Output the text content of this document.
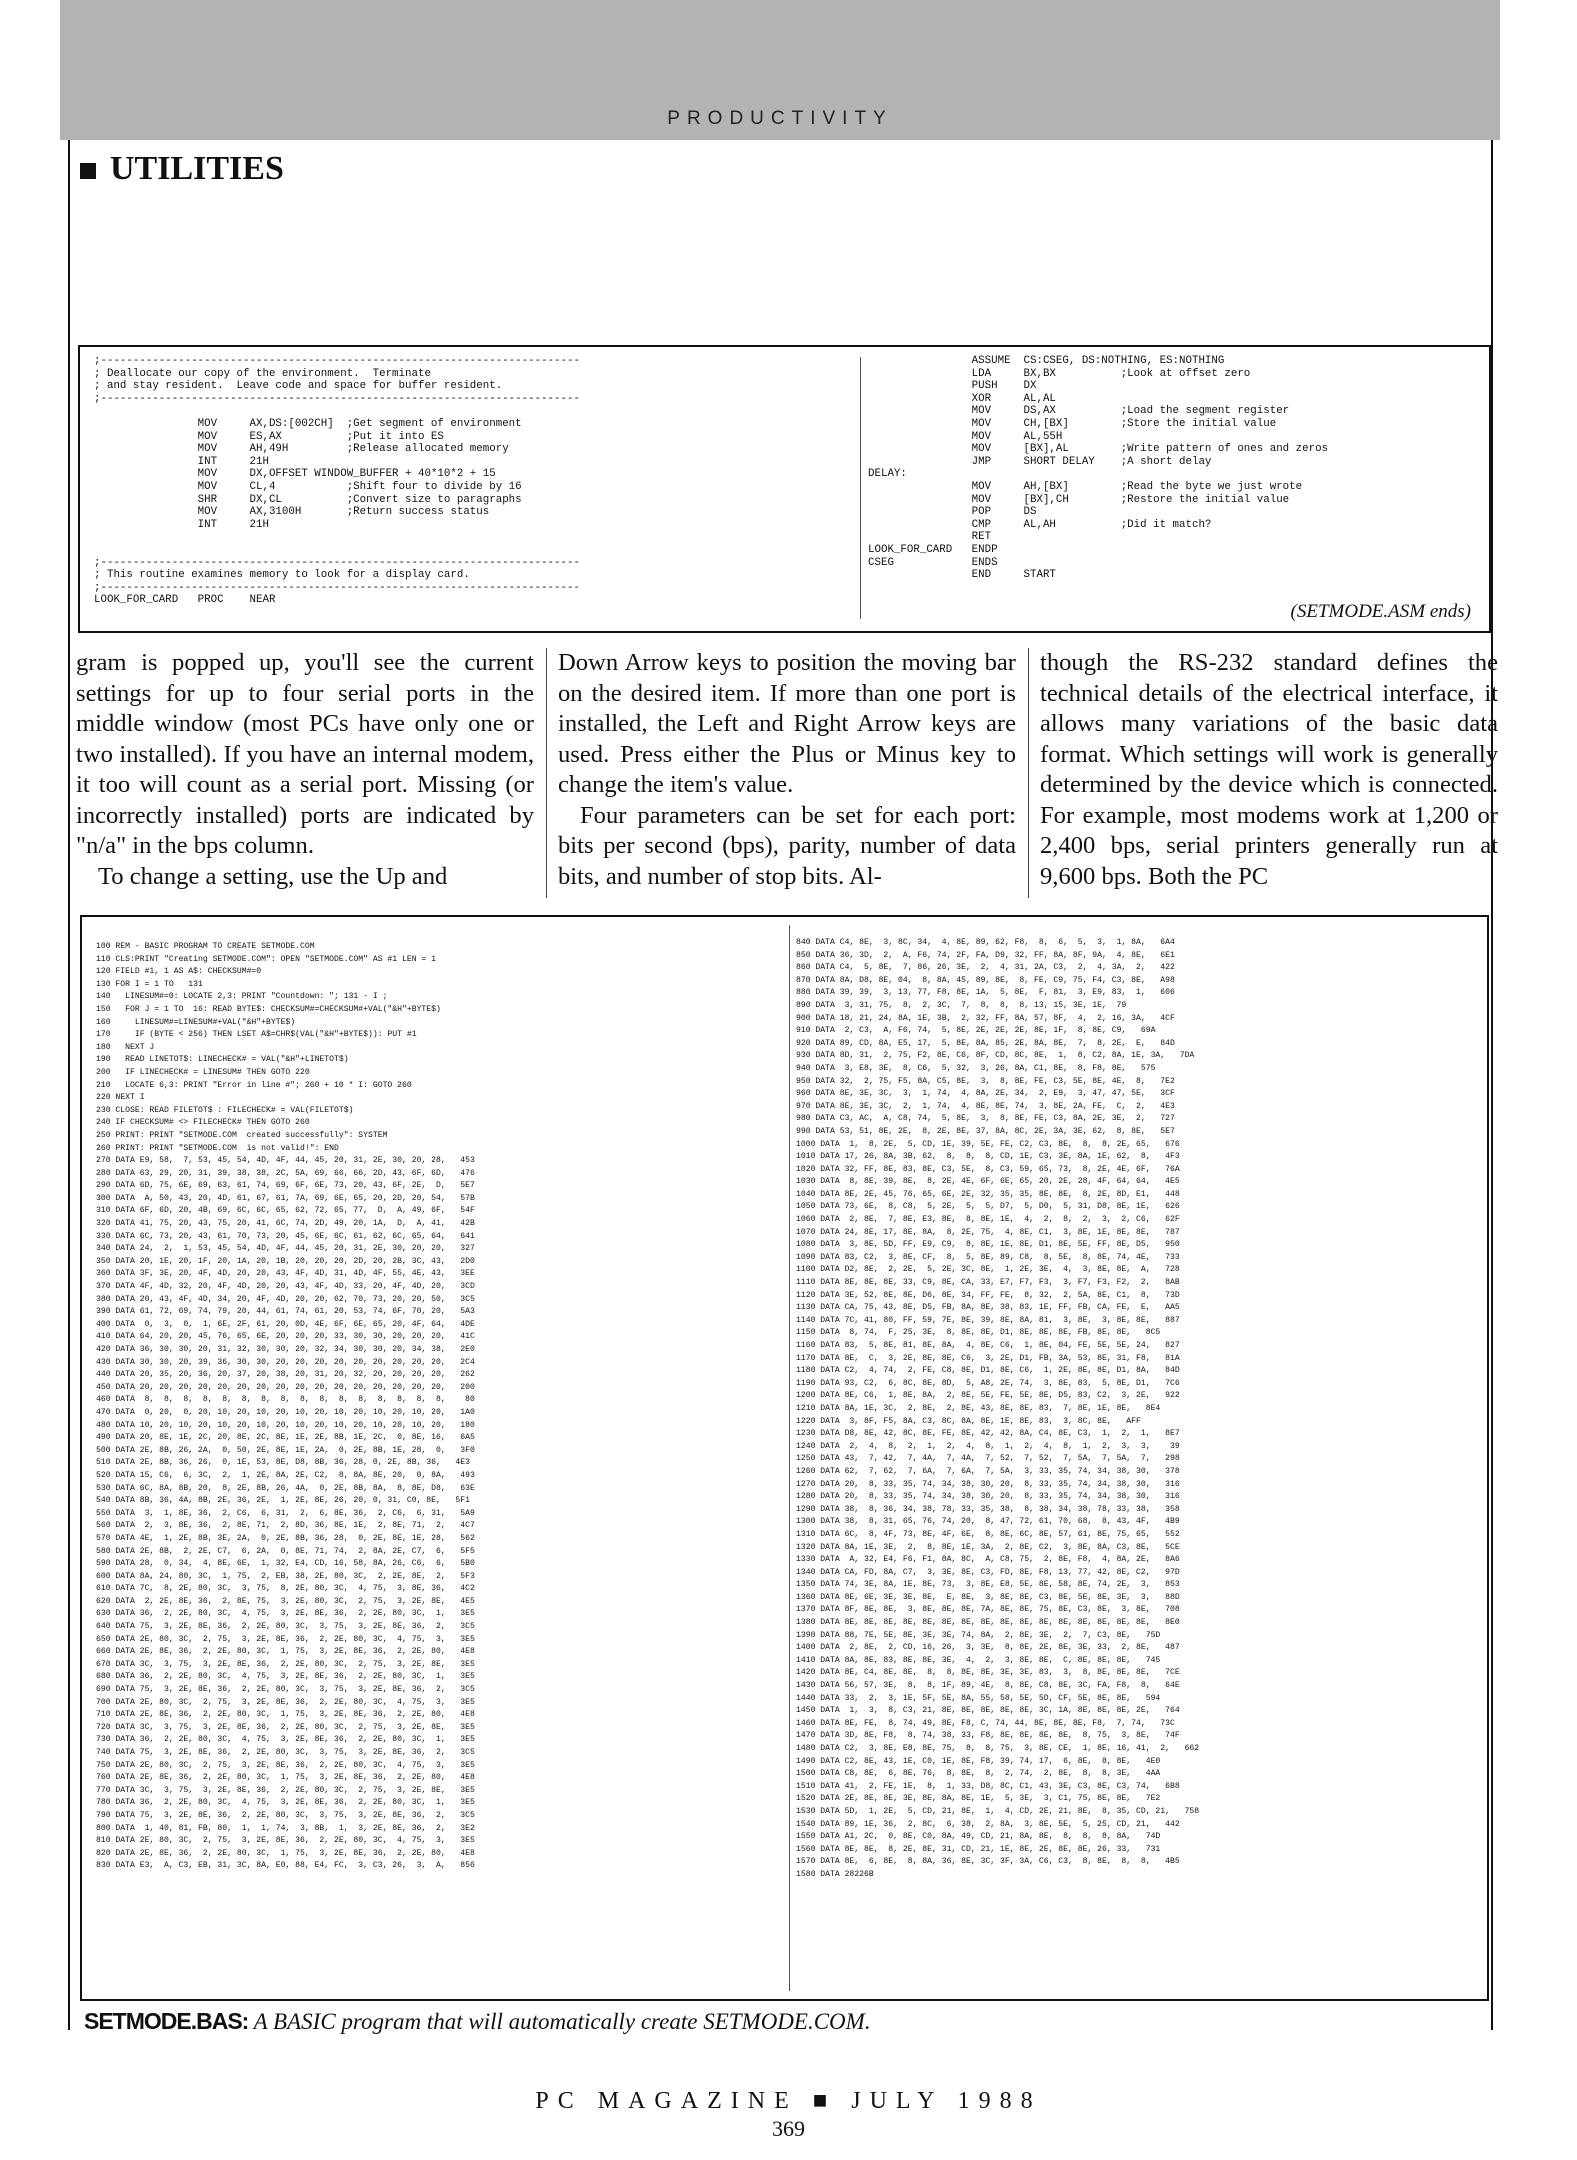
PRODUCTIVITY
UTILITIES
;--------------------------------------------------------------------------
; Deallocate our copy of the environment.  Terminate
; and stay resident.  Leave code and space for buffer resident.
;--------------------------------------------------------------------------

MOV     AX,DS:[002CH]  ;Get segment of environment
MOV     ES,AX          ;Put it into ES
MOV     AH,49H         ;Release allocated memory
INT     21H
MOV     DX,OFFSET WINDOW_BUFFER + 40*10*2 + 15
MOV     CL,4           ;Shift four to divide by 16
SHR     DX,CL          ;Convert size to paragraphs
MOV     AX,3100H       ;Return success status
INT     21H

;--------------------------------------------------------------------------
; This routine examines memory to look for a display card.
;--------------------------------------------------------------------------
LOOK_FOR_CARD   PROC    NEAR
ASSUME  CS:CSEG, DS:NOTHING, ES:NOTHING
LDA     BX,BX          ;Look at offset zero
PUSH    DX
XOR     AL,AL
MOV     DS,AX          ;Load the segment register
MOV     CH,[BX]        ;Store the initial value
MOV     AL,55H
MOV     [BX],AL        ;Write pattern of ones and zeros
JMP     SHORT DELAY    ;A short delay
DELAY:
MOV     AH,[BX]        ;Read the byte we just wrote
MOV     [BX],CH        ;Restore the initial value
POP     DS
CMP     AL,AH          ;Did it match?
RET
LOOK_FOR_CARD   ENDP
CSEG            ENDS
END     START
(SETMODE.ASM ends)

gram is popped up, you'll see the current settings for up to four serial ports in the middle window (most PCs have only one or two installed). If you have an internal modem, it too will count as a serial port. Missing (or incorrectly installed) ports are indicated by "n/a" in the bps column.

To change a setting, use the Up and

Down Arrow keys to position the moving bar on the desired item. If more than one port is installed, the Left and Right Arrow keys are used. Press either the Plus or Minus key to change the item's value.

Four parameters can be set for each port: bits per second (bps), parity, number of data bits, and number of stop bits. Al-

though the RS-232 standard defines the technical details of the electrical interface, it allows many variations of the basic data format. Which settings will work is generally determined by the device which is connected. For example, most modems work at 1,200 or 2,400 bps, serial printers generally run at 9,600 bps. Both the PC

100 REM - BASIC PROGRAM TO CREATE SETMODE.COM
110 CLS:PRINT "Creating SETMODE.COM": OPEN "SETMODE.COM" AS #1 LEN = 1
120 FIELD #1, 1 AS A$: CHECKSUM#=0
130 FOR I = 1 TO   131
140   LINESUM#=0: LOCATE 2,3: PRINT "Countdown: "; 131 - I ;
150   FOR J = 1 TO  16: READ BYTE$: CHECKSUM#=CHECKSUM#+VAL("&H"+BYTE$)
160     LINESUM#=LINESUM#+VAL("&H"+BYTE$)
170     IF (BYTE < 256) THEN LSET A$=CHR$(VAL("&H"+BYTE$)): PUT #1
180   NEXT J
190   READ LINETOT$: LINECHECK# = VAL("&H"+LINETOT$)
200   IF LINECHECK# = LINESUM# THEN GOTO 220
210   LOCATE 6,3: PRINT "Error in line #"; 260 + 10 * I: GOTO 260
220 NEXT I
230 CLOSE: READ FILETOT$ : FILECHECK# = VAL(FILETOT$)
240 IF CHECKSUM# <> FILECHECK# THEN GOTO 260
250 PRINT: PRINT "SETMODE.COM  created successfully": SYSTEM
260 PRINT: PRINT "SETMODE.COM  is not valid!": END
270 DATA E9, 58,  7, 53, 45, 54, 4D, 4F, 44, 45, 20, 31, 2E, 30, 20, 28,   453
280 DATA 63, 29, 20, 31, 39, 38, 38, 2C, 5A, 69, 66, 66, 2D, 43, 6F, 6D,   476
290 DATA 6D, 75, 6E, 69, 63, 61, 74, 69, 6F, 6E, 73, 20, 43, 6F, 2E,  D,   5E7
300 DATA  A, 50, 43, 20, 4D, 61, 67, 61, 7A, 69, 6E, 65, 20, 2D, 20, 54,   57B
310 DATA 6F, 6D, 20, 4B, 69, 6C, 6C, 65, 62, 72, 65, 77,  D,  A, 49, 6F,   54F
320 DATA 41, 75, 20, 43, 75, 20, 41, 6C, 74, 2D, 49, 20, 1A,  D,  A, 41,   42B
330 DATA 6C, 73, 20, 43, 61, 70, 73, 20, 45, 6E, 6C, 61, 62, 6C, 65, 64,   641
340 DATA 24,  2,  1, 53, 45, 54, 4D, 4F, 44, 45, 20, 31, 2E, 30, 20, 20,   327
350 DATA 20, 1E, 20, 1F, 20, 1A, 20, 1B, 20, 20, 20, 2D, 20, 2B, 3C, 43,   2D0
360 DATA 3F, 3E, 20, 4F, 4D, 20, 20, 43, 4F, 4D, 31, 4D, 4F, 55, 4E, 43,   3EE
370 DATA 4F, 4D, 32, 20, 4F, 4D, 20, 20, 43, 4F, 4D, 33, 20, 4F, 4D, 20,   3CD
380 DATA 20, 43, 4F, 4D, 34, 20, 4F, 4D, 20, 20, 62, 70, 73, 20, 20, 50,   3C5
390 DATA 61, 72, 69, 74, 79, 20, 44, 61, 74, 61, 20, 53, 74, 6F, 70, 20,   5A3
400 DATA  0,  3,  0,  1, 6E, 2F, 61, 20, 0D, 4E, 6F, 6E, 65, 20, 4F, 64,   4DE
410 DATA 64, 20, 20, 45, 76, 65, 6E, 20, 20, 20, 33, 30, 30, 20, 20, 20,   41C
420 DATA 36, 30, 30, 20, 31, 32, 30, 30, 20, 32, 34, 30, 30, 20, 34, 38,   2E0
430 DATA 30, 30, 20, 39, 36, 30, 30, 20, 20, 20, 20, 20, 20, 20, 20, 20,   2C4
440 DATA 20, 35, 20, 36, 20, 37, 20, 38, 20, 31, 20, 32, 20, 20, 20, 20,   262
450 DATA 20, 20, 20, 20, 20, 20, 20, 20, 20, 20, 20, 20, 20, 20, 20, 20,   200
460 DATA  8,  8,  8,  8,  8,  8,  8,  8,  8,  8,  8,  8,  8,  8,  8,  8,    80
470 DATA  0, 20,  0, 20, 10, 20, 10, 20, 10, 20, 10, 20, 10, 20, 10, 20,   1A0
480 DATA 10, 20, 10, 20, 10, 20, 10, 20, 10, 20, 10, 20, 10, 20, 10, 20,   180
490 DATA 20, 8E, 1E, 2C, 20, 8E, 2C, 8E, 1E, 2E, 8B, 1E, 2C,  0, 8E, 16,   6A5
500 DATA 2E, 8B, 26, 2A,  0, 50, 2E, 8E, 1E, 2A,  0, 2E, 8B, 1E, 28,  0,   3F0
510 DATA 2E, 8B, 36, 26,  0, 1E, 53, 8E, D8, 8B, 36, 28, 0, 2E, 8B, 36,   4E3
520 DATA 15, C6,  6, 3C,  2,  1, 2E, 8A, 2E, C2,  8, 8A, 8E, 20,  0, 8A,   493
530 DATA 6C, 8A, 8B, 20,  8, 2E, 8B, 26, 4A,  0, 2E, 8B, 8A,  8, 8E, D8,   63E
540 DATA 8B, 36, 4A, 8B, 2E, 36, 2E,  1, 2E, 8E, 26, 20, 0, 31, C0, 8E,   5F1
550 DATA  3,  1, 8E, 36,  2, C6,  6, 31,  2,  6, 8E, 36,  2, C6,  6, 31,   5A9
560 DATA  2,  3, 8E, 36,  2, 8E, 71,  2, 8D, 36, 8E, 1E,  2, 8E, 71,  2,   4C7
570 DATA 4E,  1, 2E, 8B, 3E, 2A,  0, 2E, 8B, 36, 28,  0, 2E, 8E, 1E, 28,   562
580 DATA 2E, 8B,  2, 2E, C7,  6, 2A,  0, 8E, 71, 74,  2, 8A, 2E, C7,  6,   5F5
590 DATA 28,  0, 34,  4, 8E, 6E,  1, 32, E4, CD, 16, 58, 8A, 26, C6,  6,   5B0
600 DATA 8A, 24, 80, 3C,  1, 75,  2, EB, 38, 2E, 80, 3C,  2, 2E, 8E,  2,   5F3
610 DATA 7C,  8, 2E, 80, 3C,  3, 75,  8, 2E, 80, 3C,  4, 75,  3, 8E, 36,   4C2
620 DATA  2, 2E, 8E, 36,  2, 8E, 75,  3, 2E, 80, 3C,  2, 75,  3, 2E, 8E,   4E5
630 DATA 36,  2, 2E, 80, 3C,  4, 75,  3, 2E, 8E, 36,  2, 2E, 80, 3C,  1,   3E5
640 DATA 75,  3, 2E, 8E, 36,  2, 2E, 80, 3C,  3, 75,  3, 2E, 8E, 36,  2,   3C5
650 DATA 2E, 80, 3C,  2, 75,  3, 2E, 8E, 36,  2, 2E, 80, 3C,  4, 75,  3,   3E5
660 DATA 2E, 8E, 36,  2, 2E, 80, 3C,  1, 75,  3, 2E, 8E, 36,  2, 2E, 80,   4E8
670 DATA 3C,  3, 75,  3, 2E, 8E, 36,  2, 2E, 80, 3C,  2, 75,  3, 2E, 8E,   3E5
680 DATA 36,  2, 2E, 80, 3C,  4, 75,  3, 2E, 8E, 36,  2, 2E, 80, 3C,  1,   3E5
690 DATA 75,  3, 2E, 8E, 36,  2, 2E, 80, 3C,  3, 75,  3, 2E, 8E, 36,  2,   3C5
700 DATA 2E, 80, 3C,  2, 75,  3, 2E, 8E, 36,  2, 2E, 80, 3C,  4, 75,  3,   3E5
710 DATA 2E, 8E, 36,  2, 2E, 80, 3C,  1, 75,  3, 2E, 8E, 36,  2, 2E, 80,   4E8
720 DATA 3C,  3, 75,  3, 2E, 8E, 36,  2, 2E, 80, 3C,  2, 75,  3, 2E, 8E,   3E5
730 DATA 36,  2, 2E, 80, 3C,  4, 75,  3, 2E, 8E, 36,  2, 2E, 80, 3C,  1,   3E5
740 DATA 75,  3, 2E, 8E, 36,  2, 2E, 80, 3C,  3, 75,  3, 2E, 8E, 36,  2,   3C5
750 DATA 2E, 80, 3C,  2, 75,  3, 2E, 8E, 36,  2, 2E, 80, 3C,  4, 75,  3,   3E5
760 DATA 2E, 8E, 36,  2, 2E, 80, 3C,  1, 75,  3, 2E, 8E, 36,  2, 2E, 80,   4E8
770 DATA 3C,  3, 75,  3, 2E, 8E, 36,  2, 2E, 80, 3C,  2, 75,  3, 2E, 8E,   3E5
780 DATA 36,  2, 2E, 80, 3C,  4, 75,  3, 2E, 8E, 36,  2, 2E, 80, 3C,  1,   3E5
790 DATA 75,  3, 2E, 8E, 36,  2, 2E, 80, 3C,  3, 75,  3, 2E, 8E, 36,  2,   3C5
800 DATA  1, 40, 81, FB, 80,  1,  1, 74,  3, 8B,  1,  3, 2E, 8E, 36,  2,   3E2
810 DATA 2E, 80, 3C,  2, 75,  3, 2E, 8E, 36,  2, 2E, 80, 3C,  4, 75,  3,   3E5
820 DATA 2E, 8E, 36,  2, 2E, 80, 3C,  1, 75,  3, 2E, 8E, 36,  2, 2E, 80,   4E8
830 DATA E3,  A, C3, EB, 31, 3C, 8A, E0, 88, E4, FC,  3, C3, 26,  3,  A,   856
840 DATA C4, 8E,  3, 8C, 34,  4, 8E, 89, 62, F8,  8,  6,  5,  3,  1, 8A,   6A4
850 DATA 36, 3D,  2,  A, F6, 74, 2F, FA, D9, 32, FF, 8A, 8F, 9A,  4, 8E,   6E1
860 DATA C4,  5, 8E,  7, 86, 26, 3E,  2,  4, 31, 2A, C3,  2,  4, 3A,  2,   422
870 DATA 8A, D8, 8E, 04,  8, 8A, 45, 89, 8E,  8, FE, C9, 75, F4, C3, 8E,   A98
880 DATA 39, 39,  3, 13, 77, F8, 8E, 1A,  5, 8E,  F, 81,  3, E9, 83,  1,   606
890 DATA  3, 31, 75,  8,  2, 3C,  7,  8,  8,  8, 13, 15, 3E, 1E,  79
900 DATA 18, 21, 24, 8A, 1E, 3B,  2, 32, FF, 8A, 57, 8F,  4,  2, 16, 3A,   4CF
910 DATA  2, C3,  A, F6, 74,  5, 8E, 2E, 2E, 2E, 8E, 1F,  8, 8E, C9,   69A
920 DATA 89, CD, 8A, E5, 17,  5, 8E, 8A, 85, 2E, 8A, 8E,  7,  8, 2E,  E,   84D
930 DATA 8D, 31,  2, 75, F2, 8E, C6, 8F, CD, 8C, 8E,  1,  8, C2, 8A, 1E, 3A,   7DA
940 DATA  3, E8, 3E,  8, C6,  5, 32,  3, 26, 8A, C1, 8E,  8, F8, 8E,   575
950 DATA 32,  2, 75, F5, 8A, C5, 8E,  3,  8, 8E, FE, C3, 5E, 8E, 4E,  8,   7E2
960 DATA 8E, 3E, 3C,  3,  1, 74,  4, 8A, 2E, 34,  2, E9,  3, 47, 47, 5E,   3CF
970 DATA 8E, 3E, 3C,  2,  1, 74,  4, 8E, 8E, 74,  3, 8E, 2A, FE,  C,  2,   4E3
980 DATA C3, AC,  A, C8, 74,  5, 8E,  3,  8, 8E, FE, C3, 8A, 2E, 3E,  2,   727
990 DATA 53, 51, 8E, 2E,  8, 2E, 8E, 37, 8A, 8C, 2E, 3A, 3E, 62,  8, 8E,   5E7
1000 DATA  1,  8, 2E,  5, CD, 1E, 39, 5E, FE, C2, C3, 8E,  8,  8, 2E, 65,   676
1010 DATA 17, 26, 8A, 3B, 62,  8,  8,  8, CD, 1E, C3, 3E, 8A, 1E, 62,  8,   4F3
1020 DATA 32, FF, 8E, 83, 8E, C3, 5E,  8, C3, 59, 65, 73,  8, 2E, 4E, 6F,   76A
1030 DATA  8, 8E, 39, 8E,  8, 2E, 4E, 6F, 6E, 65, 20, 2E, 28, 4F, 64, 64,   4E5
1040 DATA 8E, 2E, 45, 76, 65, 6E, 2E, 32, 35, 35, 8E, 8E,  8, 2E, 8D, E1,   448
1050 DATA 73, 6E,  8, C8,  5, 2E,  5,  5, D7,  5, D0,  5, 31, D8, 8E, 1E,   626
1060 DATA  2, 8E,  7, 8E, E3, 8E,  8, 8E, 1E,  4,  2,  8,  2,  3,  2, C6,   62F
1070 DATA 24, 8E, 17, 8E, 8A,  8, 2E, 75,  4, 8E, C1,  3, 8E, 1E, 8E, 8E,   787
1080 DATA  3, 8E, 5D, FF, E9, C9,  8, 8E, 1E, 8E, D1, 8E, 5E, FF, 8E, D5,   950
1090 DATA 83, C2,  3, 8E, CF,  8,  5, 8E, 89, C8,  8, 5E,  8, 8E, 74, 4E,   733
1100 DATA D2, 8E,  2, 2E,  5, 2E, 3C, 8E,  1, 2E, 3E,  4,  3, 8E, 8E,  A,   728
1110 DATA 8E, 8E, 8E, 33, C9, 8E, CA, 33, E7, F7, F3,  3, F7, F3, F2,  2,   8AB
1120 DATA 3E, 52, 8E, 8E, D6, 8E, 34, FF, FE,  8, 32,  2, 5A, 8E, C1,  8,   73D
1130 DATA CA, 75, 43, 8E, D5, FB, 8A, 8E, 38, 83, 1E, FF, FB, CA, FE,  E,   AA5
1140 DATA 7C, 41, 80, FF, 59, 7E, 8E, 39, 8E, 8A, 81,  3, 8E,  3, 8E, 8E,   887
1150 DATA  8, 74,  F, 25, 3E,  8, 8E, 8E, D1, 8E, 8E, 8E, FB, 8E, 8E,   8C5
1160 DATA 83,  5, 8E, 81, 8E, 8A,  4, 8E, C6,  1, 8E, 04, FE, 5E, 5E, 24,   827
1170 DATA 8E,  C,  3, 2E, 8E, 8E, C6,  3, 2E, D1, FB, 3A, 53, 8E, 31, F8,   81A
1180 DATA C2,  4, 74,  2, FE, C8, 8E, D1, 8E, C6,  1, 2E, 8E, 8E, D1, 8A,   84D
1190 DATA 93, C2,  6, 8C, 8E, 8D,  5, A8, 2E, 74,  3, 8E, 83,  5, 8E, D1,   7C6
1200 DATA 8E, C6,  1, 8E, 8A,  2, 8E, 5E, FE, 5E, 8E, D5, 83, C2,  3, 2E,   922
1210 DATA 8A, 1E, 3C,  2, 8E,  2, 8E, 43, 8E, 8E, 83,  7, 8E, 1E, 8E,   8E4
1220 DATA  3, 8F, F5, 8A, C3, 8C, 8A, 8E, 1E, 8E, 83,  3, 8C, 8E,   AFF
1230 DATA D8, 8E, 42, 8C, 8E, FE, 8E, 42, 42, 8A, C4, 8E, C3,  1,  2,  1,   8E7
1240 DATA  2,  4,  8,  2,  1,  2,  4,  8,  1,  2,  4,  8,  1,  2,  3,  3,    39
1250 DATA 43,  7, 42,  7, 4A,  7, 4A,  7, 52,  7, 52,  7, 5A,  7, 5A,  7,   298
1260 DATA 62,  7, 62,  7, 6A,  7, 6A,  7, 5A,  3, 33, 35, 74, 34, 38, 30,   378
1270 DATA 20,  8, 33, 35, 74, 34, 38, 30, 20,  8, 33, 35, 74, 34, 38, 30,   316
1280 DATA 20,  8, 33, 35, 74, 34, 38, 30, 20,  8, 33, 35, 74, 34, 38, 30,   316
1290 DATA 38,  8, 36, 34, 38, 78, 33, 35, 38,  8, 38, 34, 38, 78, 33, 38,   358
1300 DATA 38,  8, 31, 65, 76, 74, 20,  8, 47, 72, 61, 70, 68,  8, 43, 4F,   4B9
1310 DATA 6C,  8, 4F, 73, 8E, 4F, 6E,  8, 8E, 6C, 8E, 57, 61, 8E, 75, 65,   552
1320 DATA 8A, 1E, 3E,  2,  8, 8E, 1E, 3A,  2, 8E, C2,  3, 8E, 8A, C3, 8E,   5CE
1330 DATA  A, 32, E4, F6, F1, 8A, 8C,  A, C8, 75,  2, 8E, F8,  4, 8A, 2E,   8A6
1340 DATA CA, FD, 8A, C7,  3, 3E, 8E, C3, FD, 8E, F8, 13, 77, 42, 8E, C2,   97D
1350 DATA 74, 3E, 8A, 1E, 8E, 73,  3, 8E, E8, 5E, 8E, 58, 8E, 74, 2E,  3,   853
1360 DATA 8E, 6E, 3E, 3E, 8E,  E, 8E,  3, 8E, 8E, C3, 8E, 5E, 8E, 3E,  3,   88D
1370 DATA 8F, 8E, 8E,  3, 8E, 8E, 8E, 7A, 8E, 8E, 75, 8E, C3, 8E,  3, 8E,   708
1380 DATA 8E, 8E, 8E, 8E, 8E, 8E, 8E, 8E, 8E, 8E, 8E, 8E, 8E, 8E, 8E, 8E,   8E0
1390 DATA 88, 7E, 5E, 8E, 3E, 3E, 74, 8A,  2, 8E, 3E,  2,  7, C3, 8E,   75D
1400 DATA  2, 8E,  2, CD, 16, 26,  3, 3E,  8, 8E, 2E, 8E, 3E, 33,  2, 8E,   487
1410 DATA 8A, 8E, 83, 8E, 8E, 3E,  4,  2,  3, 8E, 8E,  C, 8E, 8E, 8E,   745
1420 DATA 8E, C4, 8E, 8E,  8,  8, 8E, 8E, 3E, 3E, 83,  3,  8, 8E, 8E, 8E,   7CE
1430 DATA 56, 57, 3E,  8,  8, 1F, 89, 4E,  8, 8E, C8, 8E, 3C, FA, F8,  8,   64E
1440 DATA 33,  2,  3, 1E, 5F, 5E, 8A, 55, 58, 5E, 5D, CF, 5E, 8E, 8E,   594
1450 DATA  1,  3,  8, C3, 21, 8E, 8E, 8E, 8E, 8E, 3C, 1A, 8E, 8E, 8E, 2E,   764
1460 DATA 8E, FE,  8, 74, 49, 8E, F8, C, 74, 44, 8E, 8E, 8E, F8,  7, 74,   73C
1470 DATA 3D, 8E, F8,  8, 74, 38, 33, F8, 8E, 8E, 8E, 8E,  8, 75,  3, 8E,   74F
1480 DATA C2,  3, 8E, E8, 8E, 75,  8,  8, 75,  3, 8E, CE,  1, 8E, 16, 41,  2,   662
1490 DATA C2, 8E, 43, 1E, C0, 1E, 8E, F8, 39, 74, 17,  6, 8E,  8, 8E,   4E0
1500 DATA C8, 8E,  6, 8E, 76,  8, 8E,  8,  2, 74,  2, 8E,  8,  8, 3E,   4AA
1510 DATA 41,  2, FE, 1E,  8,  1, 33, D8, 8C, C1, 43, 3E, C3, 8E, C3, 74,   6B8
1520 DATA 2E, 8E, 8E, 3E, 8E, 8A, 8E, 1E,  5, 3E,  3, C1, 75, 8E, 8E,   7E2
1530 DATA 5D,  1, 2E,  5, CD, 21, 8E,  1,  4, CD, 2E, 21, 8E,  8, 35, CD, 21,   758
1540 DATA 89, 1E, 36,  2, 8C,  6, 38,  2, 8A,  3, 8E, 5E,  5, 25, CD, 21,   442
1550 DATA A1, 2C,  0, 8E, C0, 8A, 49, CD, 21, 8A, 8E,  8,  8,  8, 8A,   74D
1560 DATA 8E, 8E,  8, 2E, 8E, 31, CD, 21, 1E, 8E, 2E, 8E, 8E, 26, 33,   731
1570 DATA 8E,  6, 8E,  8, 8A, 36, 8E, 3C, 3F, 3A, C6, C3,  8, 8E,  8,  8,   4B5
1580 DATA 28226B
SETMODE.BAS: A BASIC program that will automatically create SETMODE.COM.
PC MAGAZINE ■ JULY 1988
369
